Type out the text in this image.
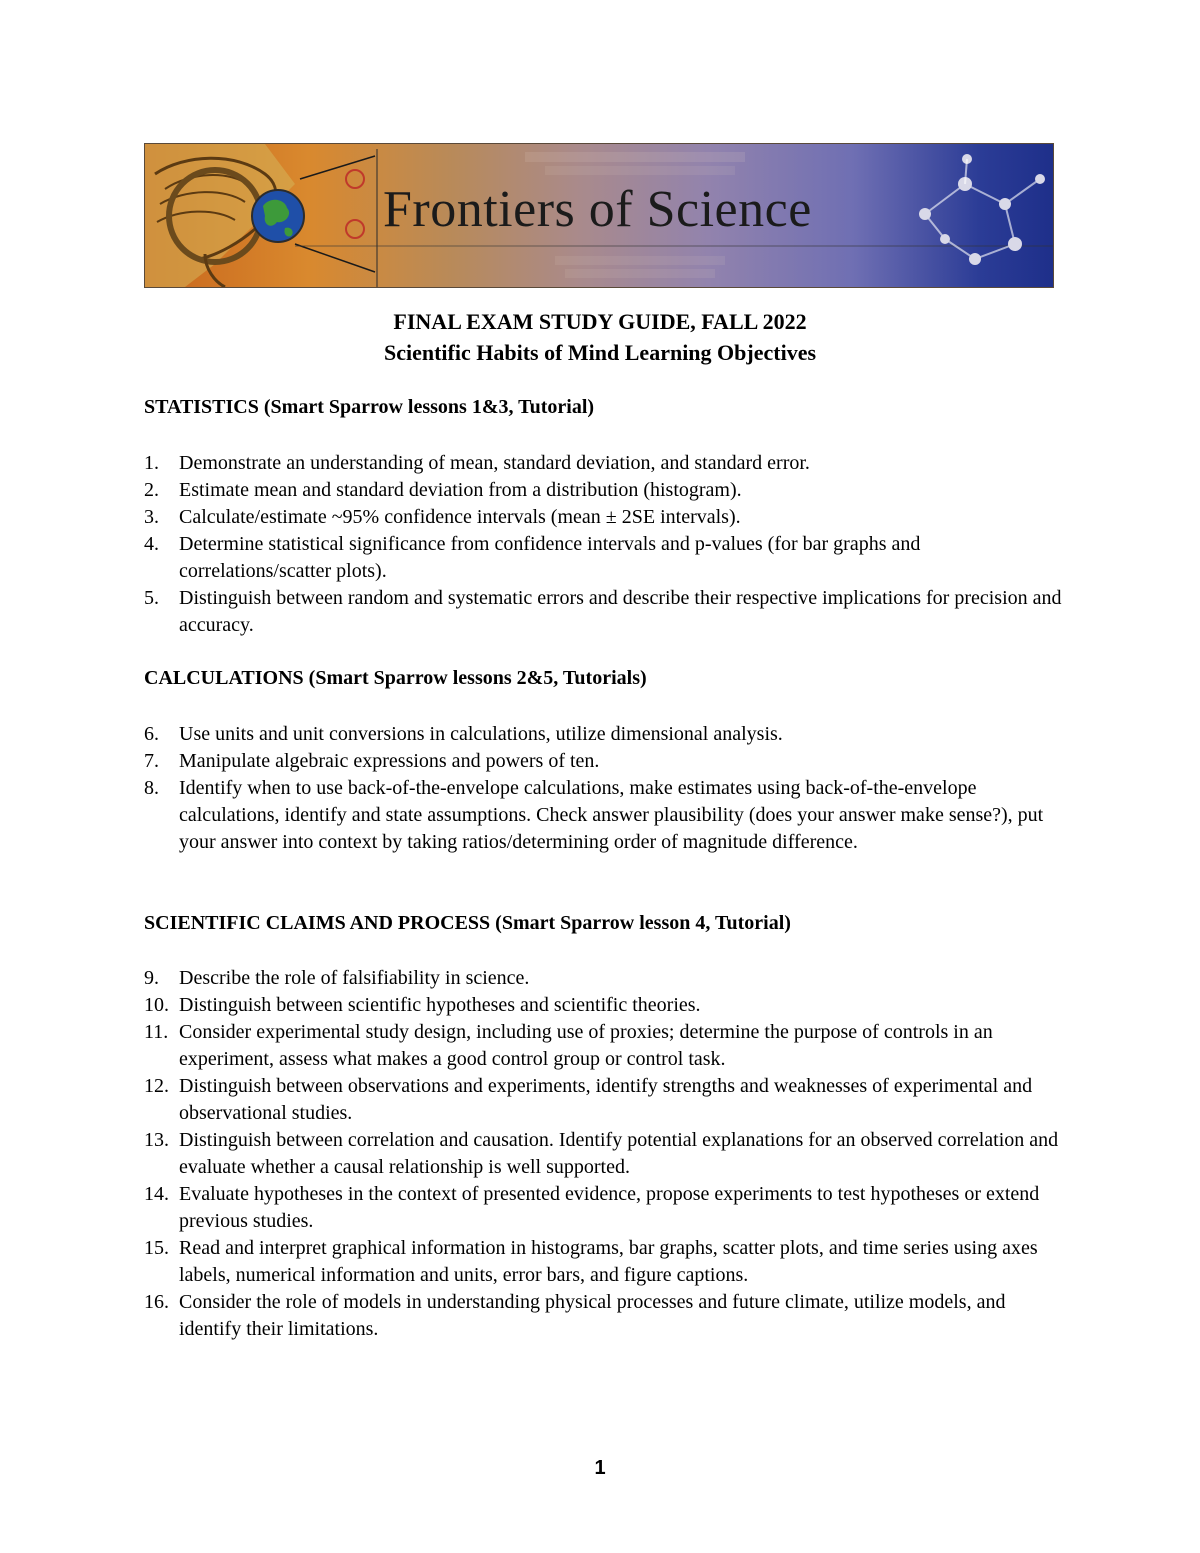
Frontiers of Science
FINAL EXAM STUDY GUIDE, FALL 2022
Scientific Habits of Mind Learning Objectives
STATISTICS (Smart Sparrow lessons 1&3, Tutorial)
1. Demonstrate an understanding of mean, standard deviation, and standard error.
2. Estimate mean and standard deviation from a distribution (histogram).
3. Calculate/estimate ~95% confidence intervals (mean ± 2SE intervals).
4. Determine statistical significance from confidence intervals and p-values (for bar graphs and correlations/scatter plots).
5. Distinguish between random and systematic errors and describe their respective implications for precision and accuracy.
CALCULATIONS (Smart Sparrow lessons 2&5, Tutorials)
6. Use units and unit conversions in calculations, utilize dimensional analysis.
7. Manipulate algebraic expressions and powers of ten.
8. Identify when to use back-of-the-envelope calculations, make estimates using back-of-the-envelope calculations, identify and state assumptions. Check answer plausibility (does your answer make sense?), put your answer into context by taking ratios/determining order of magnitude difference.
SCIENTIFIC CLAIMS AND PROCESS (Smart Sparrow lesson 4, Tutorial)
9. Describe the role of falsifiability in science.
10. Distinguish between scientific hypotheses and scientific theories.
11. Consider experimental study design, including use of proxies; determine the purpose of controls in an experiment, assess what makes a good control group or control task.
12. Distinguish between observations and experiments, identify strengths and weaknesses of experimental and observational studies.
13. Distinguish between correlation and causation. Identify potential explanations for an observed correlation and evaluate whether a causal relationship is well supported.
14. Evaluate hypotheses in the context of presented evidence, propose experiments to test hypotheses or extend previous studies.
15. Read and interpret graphical information in histograms, bar graphs, scatter plots, and time series using axes labels, numerical information and units, error bars, and figure captions.
16. Consider the role of models in understanding physical processes and future climate, utilize models, and identify their limitations.
1
